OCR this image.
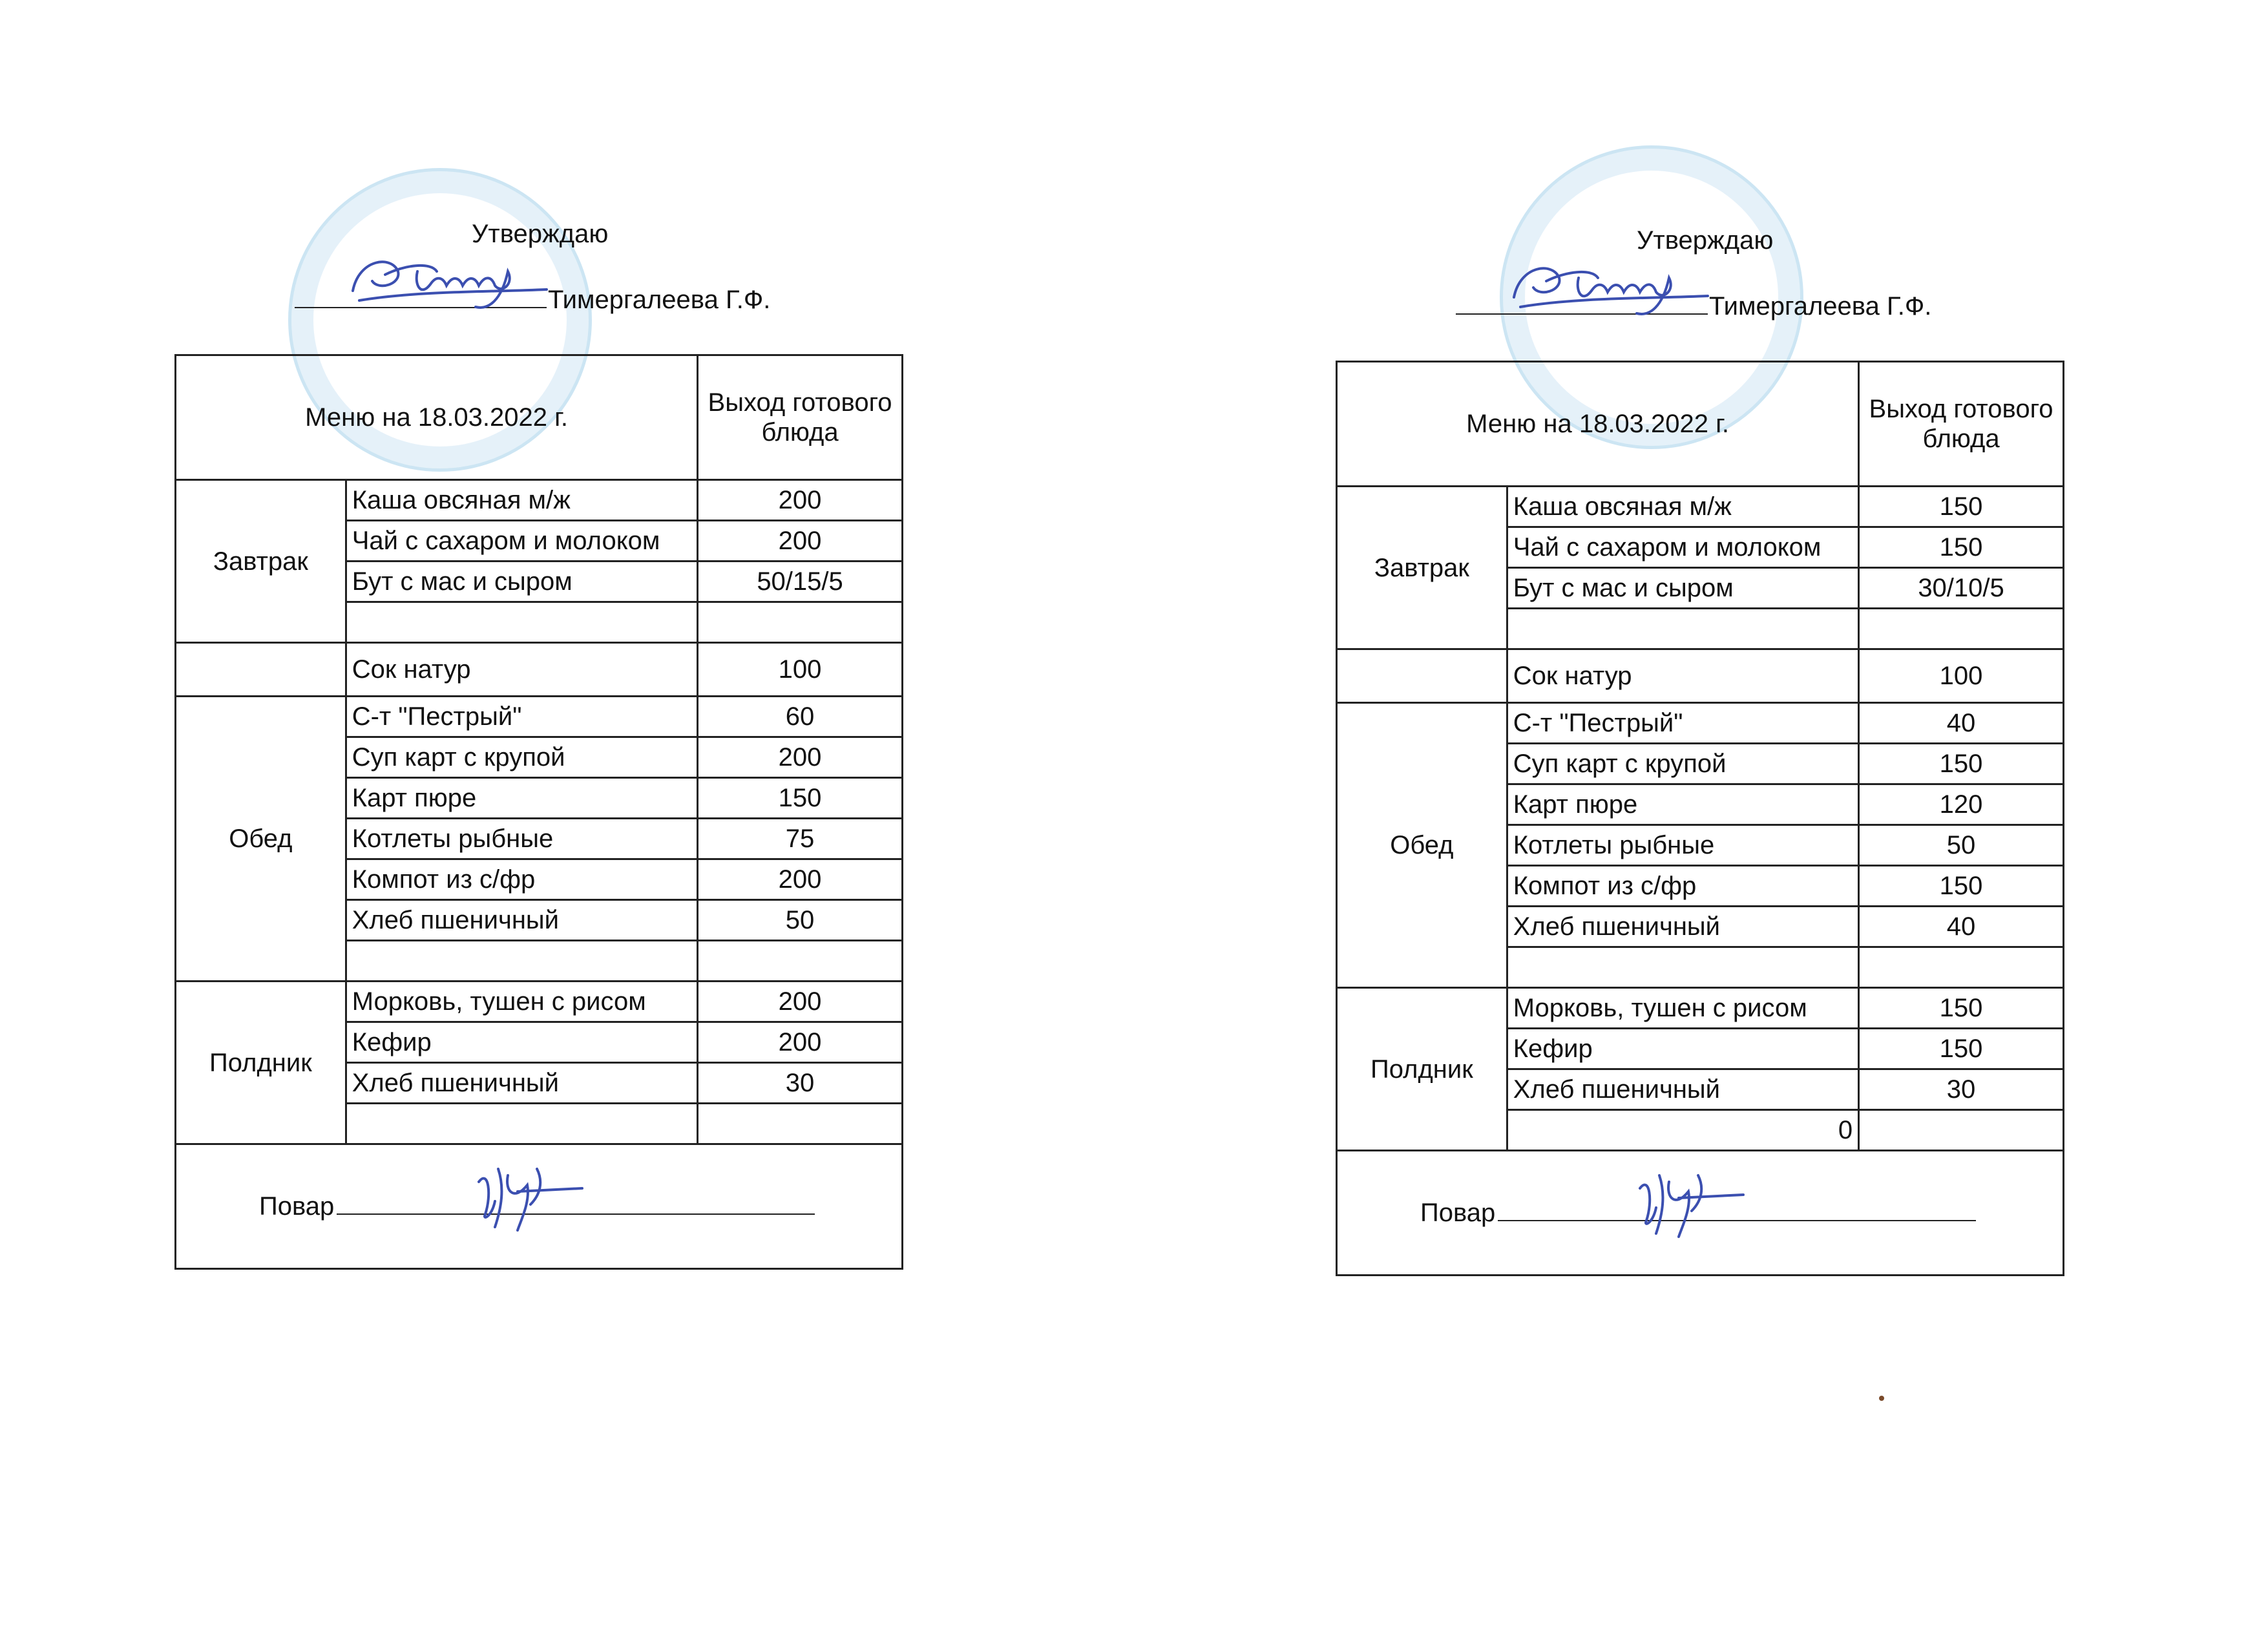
Утверждаю
Тимергалеева Г.Ф.
Меню на 18.03.2022 г.		Выход готового блюда
Завтрак	Каша овсяная м/ж	200
	Чай с сахаром и молоком	200
	Бут с мас и сыром	50/15/5

	Сок натур	100
Обед	С-т "Пестрый"	60
	Суп карт с крупой	200
	Карт пюре	150
	Котлеты рыбные	75
	Компот из с/фр	200
	Хлеб пшеничный	50

Полдник	Морковь, тушен с рисом	200
	Кефир	200
	Хлеб пшеничный	30

Повар		
Утверждаю
Тимергалеева Г.Ф.
Меню на 18.03.2022 г.		Выход готового блюда
Завтрак	Каша овсяная м/ж	150
	Чай с сахаром и молоком	150
	Бут с мас и сыром	30/10/5

	Сок натур	100
Обед	С-т "Пестрый"	40
	Суп карт с крупой	150
	Карт пюре	120
	Котлеты рыбные	50
	Компот из с/фр	150
	Хлеб пшеничный	40

Полдник	Морковь, тушен с рисом	150
	Кефир	150
	Хлеб пшеничный	30
	0	

Повар		
